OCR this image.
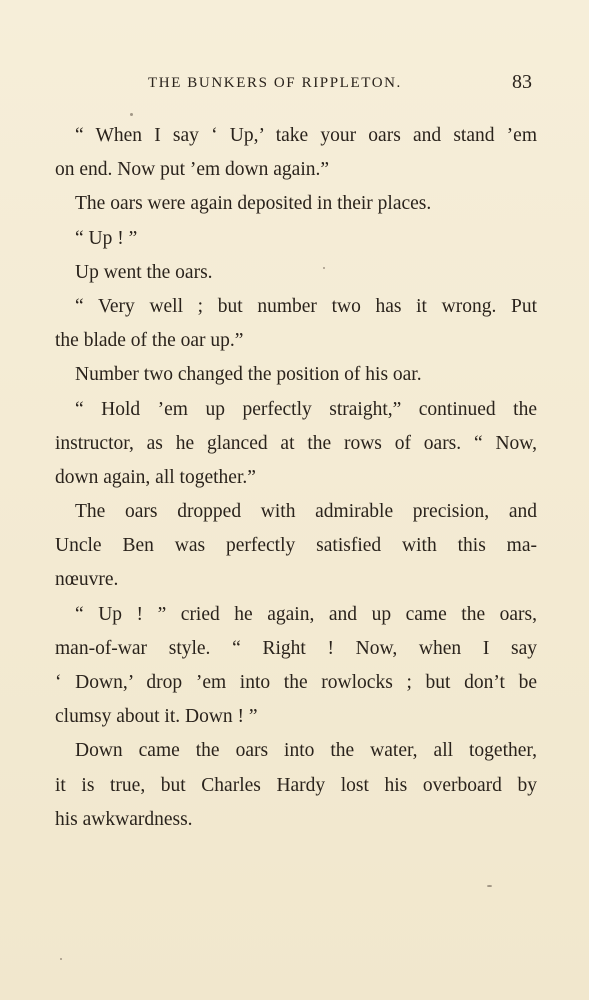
THE BUNKERS OF RIPPLETON.	83
“ When I say ‘ Up,’ take your oars and stand ’em
on end. Now put ’em down again.”
The oars were again deposited in their places.
“ Up ! ”
Up went the oars.
“ Very well ; but number two has it wrong. Put
the blade of the oar up.”
Number two changed the position of his oar.
“ Hold ’em up perfectly straight,” continued the
instructor, as he glanced at the rows of oars. “ Now,
down again, all together.”
The oars dropped with admirable precision, and
Uncle Ben was perfectly satisfied with this ma-
nœuvre.
“ Up ! ” cried he again, and up came the oars,
man-of-war style. “ Right ! Now, when I say
‘ Down,’ drop ’em into the rowlocks ; but don’t be
clumsy about it. Down ! ”
Down came the oars into the water, all together,
it is true, but Charles Hardy lost his overboard by
his awkwardness.
